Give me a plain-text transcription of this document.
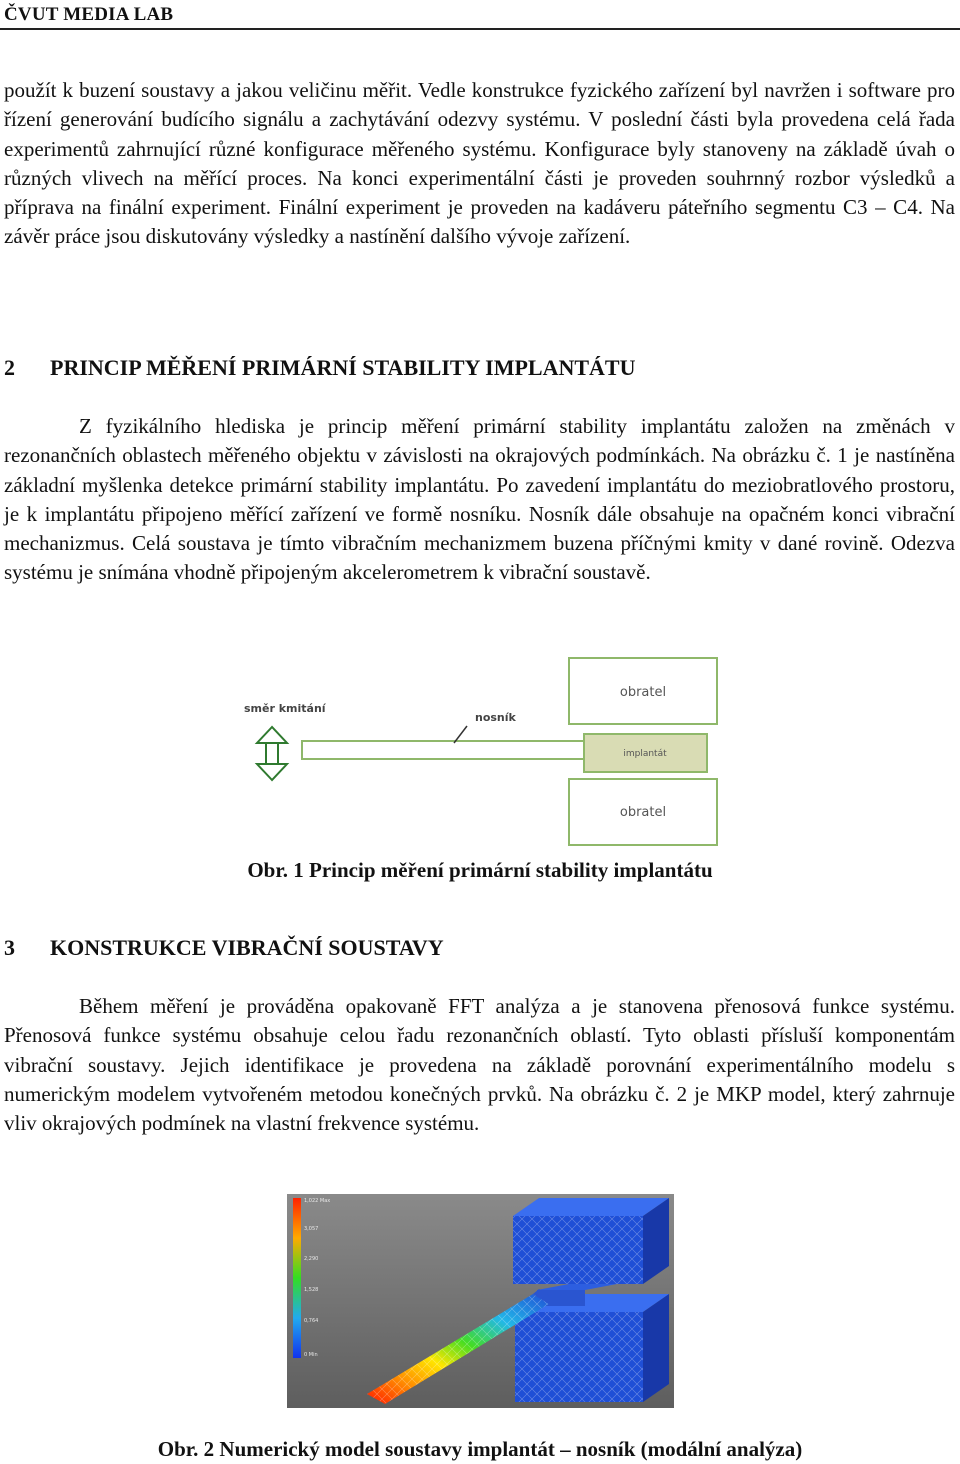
ČVUT MEDIA LAB

použít k buzení soustavy a jakou veličinu měřit. Vedle konstrukce fyzického zařízení byl navržen i software pro řízení generování budícího signálu a zachytávání odezvy systému. V poslední části byla provedena celá řada experimentů zahrnující různé konfigurace měřeného systému. Konfigurace byly stanoveny na základě úvah o různých vlivech na měřící proces. Na konci experimentální části je proveden souhrnný rozbor výsledků a příprava na finální experiment. Finální experiment je proveden na kadáveru páteřního segmentu C3 – C4. Na závěr práce jsou diskutovány výsledky a nastínění dalšího vývoje zařízení.

2 PRINCIP MĚŘENÍ PRIMÁRNÍ STABILITY IMPLANTÁTU

Z fyzikálního hlediska je princip měření primární stability implantátu založen na změnách v rezonančních oblastech měřeného objektu v závislosti na okrajových podmínkách. Na obrázku č. 1 je nastíněna základní myšlenka detekce primární stability implantátu. Po zavedení implantátu do meziobratlového prostoru, je k implantátu připojeno měřící zařízení ve formě nosníku. Nosník dále obsahuje na opačném konci vibrační mechanizmus. Celá soustava je tímto vibračním mechanizmem buzena příčnými kmity v dané rovině. Odezva systému je snímána vhodně připojeným akcelerometrem k vibrační soustavě.

směr kmitání
nosník
obratel
implantát
obratel

Obr. 1 Princip měření primární stability implantátu

3 KONSTRUKCE VIBRAČNÍ SOUSTAVY

Během měření je prováděna opakovaně FFT analýza a je stanovena přenosová funkce systému. Přenosová funkce systému obsahuje celou řadu rezonančních oblastí. Tyto oblasti přísluší komponentám vibrační soustavy. Jejich identifikace je provedena na základě porovnání experimentálního modelu s numerickým modelem vytvořeném metodou konečných prvků. Na obrázku č. 2 je MKP model, který zahrnuje vliv okrajových podmínek na vlastní frekvence systému.

1,022 Max
3,057
2,290
1,528
0,764
0 Min

Obr. 2 Numerický model soustavy implantát – nosník (modální analýza)
